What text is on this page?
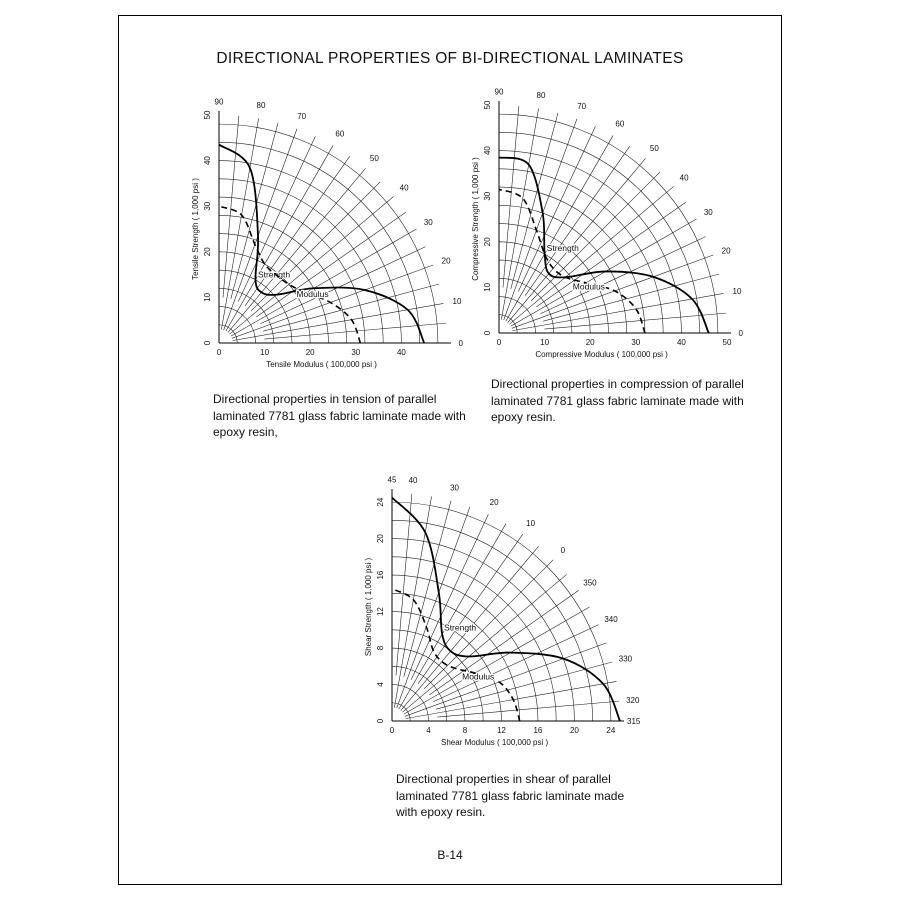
DIRECTIONAL PROPERTIES OF BI-DIRECTIONAL LAMINATES
0	10	20	30	40
0
10
20
30
40
50
90	80
70
60
50
40
30
20
10
0
Tensile Modulus ( 100,000 psi )
Tensile Strength ( 1,000 psi )	Strength
Modulus
0	10	20	30	40	50
0
10
20
30
40
50
90	80
70
60
50
40
30
20
10
0
Compressive Modulus ( 100,000 psi )
Compressive Strength ( 1,000 psi )	Strength
Modulus
0	4	8	12	16	20	24
0
4
8
12
16
20
24
45 40
30
20
10
0
350
340
330
320
315
Shear Modulus ( 100,000 psi )
Shear Strength ( 1,000 psi )	Strength
Modulus
Directional properties in tension of parallel
laminated 7781 glass fabric laminate made with
epoxy resin,
Directional properties in compression of parallel
laminated 7781 glass fabric laminate made with
epoxy resin.
Directional properties in shear of parallel
laminated 7781 glass fabric laminate made
with epoxy resin.
B-14
